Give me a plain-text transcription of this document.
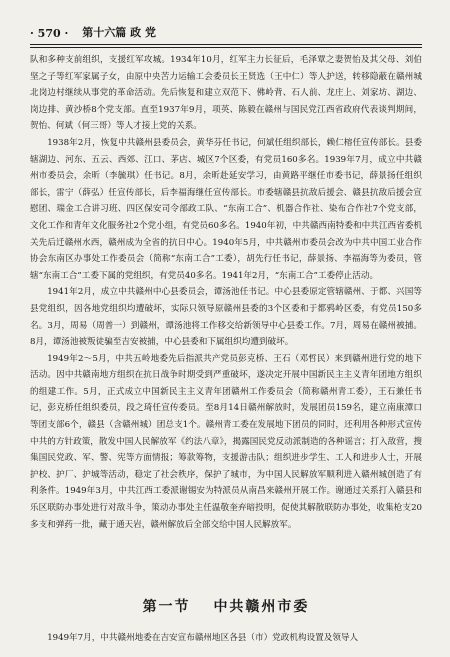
· 570 · 第十六篇 政 党

队和多种支前组织，支援红军攻城。1934年10月，红军主力长征后，毛泽覃之妻贺怡及其父母、刘伯坚之子等红军家属子女，由原中央苦力运输工会委员长王贤选（王中仁）等人护送，转移隐蔽在赣州城北岗边村继续从事党的革命活动。先后恢复和建立双范下、佛岭背、石人前、龙庄上、刘家坊、湖边、岗边排、黄沙桥8个党支部。直至1937年9月，项英、陈毅在赣州与国民党江西省政府代表谈判期间，贺怡、何斌（何三哥）等人才接上党的关系。

1938年2月，恢复中共赣州县委员会，黄华芬任书记，何斌任组织部长，赖仁榕任宣传部长。县委辖湖边、河东、五云、西郊、江口、茅店、城区7个区委，有党员160多名。1939年7月，成立中共赣州市委员会，余昕（李毓琪）任书记。8月，余昕赴延安学习，由黄路平继任市委书记，薛景扬任组织部长，雷宁（薛弘）任宣传部长，后李福海继任宣传部长。市委辖赣县抗敌后援会、赣县抗敌后援会宣慰团、瑞金工合讲习班、四区保安司令部政工队、“东南工合”、机器合作社、染布合作社7个党支部，文化工作和青年文化服务社2个党小组，有党员60多名。1940年初，中共赣西南特委和中共江西省委机关先后迁赣州水西，赣州成为全省的抗日中心。1940年5月，中共赣州市委员会改为中共中国工业合作协会东南区办事处工作委员会（简称“东南工合”工委），胡先行任书记，薛景扬、李福海等为委员，管辖“东南工合”工委下属的党组织，有党员40多名。1941年2月，“东南工合”工委停止活动。

1941年2月，成立中共赣州中心县委员会，谭汤池任书记。中心县委原定管辖赣州、于都、兴国等县党组织，因各地党组织均遭破坏，实际只领导原赣州县委的3个区委和于都鸦岭区委，有党员150多名。3月，周易（周普一）到赣州，谭汤池将工作移交给新领导中心县委工作。7月，周易在赣州被捕。8月，谭汤池被叛徒骗至吉安被捕，中心县委和下属组织均遭到破坏。

1949年2～5月，中共五岭地委先后指派共产党员彭克桥、王石（邓哲民）来到赣州进行党的地下活动。因中共赣南地方组织在抗日战争时期受到严重破坏，遂决定开展中国新民主主义青年团地方组织的组建工作。5月，正式成立中国新民主主义青年团赣州工作委员会（简称赣州青工委），王石兼任书记，彭克桥任组织委员，段之琦任宣传委员。至8月14日赣州解放时，发展团员159名，建立南康潭口等团支部6个，赣县（含赣州城）团总支1个。赣州青工委在发展地下团员的同时，还利用各种形式宣传中共的方针政策，散发中国人民解放军《约法八章》，揭露国民党反动派制造的各种谣言；打入敌营，搜集国民党政、军、警、宪等方面情报；筹款筹物，支援游击队；组织进步学生、工人和进步人士，开展护校、护厂、护城等活动，稳定了社会秩序，保护了城市，为中国人民解放军顺利进入赣州城创造了有利条件。1949年3月，中共江西工委派谢锡安为特派员从南昌来赣州开展工作。谢通过关系打入赣县和乐区联防办事处进行对敌斗争，策动办事处主任温敬奎弃暗投明，促使其解散联防办事处，收集枪支20多支和弹药一批，藏于通天岩，赣州解放后全部交给中国人民解放军。

第一节 中共赣州市委
1949年7月，中共赣州地委在吉安宣布赣州地区各县（市）党政机构设置及领导人
